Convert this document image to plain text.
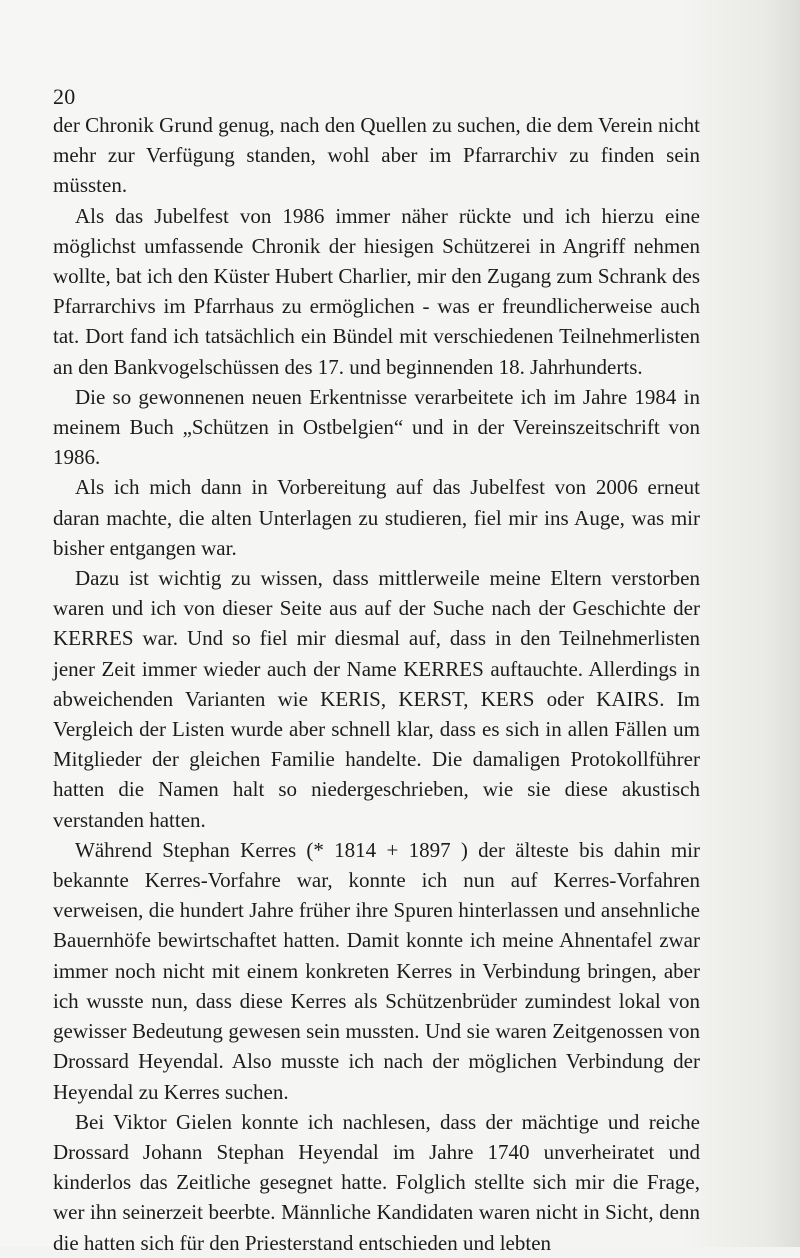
20

der Chronik Grund genug, nach den Quellen zu suchen, die dem Verein nicht mehr zur Verfügung standen, wohl aber im Pfarrarchiv zu finden sein müssten.

Als das Jubelfest von 1986 immer näher rückte und ich hierzu eine möglichst umfassende Chronik der hiesigen Schützerei in Angriff nehmen wollte, bat ich den Küster Hubert Charlier, mir den Zugang zum Schrank des Pfarrarchivs im Pfarrhaus zu ermöglichen - was er freundlicherweise auch tat. Dort fand ich tatsächlich ein Bündel mit verschiedenen Teilnehmerlisten an den Bankvogelschüssen des 17. und beginnenden 18. Jahrhunderts.

Die so gewonnenen neuen Erkentnisse verarbeitete ich im Jahre 1984 in meinem Buch „Schützen in Ostbelgien“ und in der Vereinszeitschrift von 1986.

Als ich mich dann in Vorbereitung auf das Jubelfest von 2006 erneut daran machte, die alten Unterlagen zu studieren, fiel mir ins Auge, was mir bisher entgangen war.

Dazu ist wichtig zu wissen, dass mittlerweile meine Eltern verstorben waren und ich von dieser Seite aus auf der Suche nach der Geschichte der KERRES war. Und so fiel mir diesmal auf, dass in den Teilnehmerlisten jener Zeit immer wieder auch der Name KERRES auftauchte. Allerdings in abweichenden Varianten wie KERIS, KERST, KERS oder KAIRS. Im Vergleich der Listen wurde aber schnell klar, dass es sich in allen Fällen um Mitglieder der gleichen Familie handelte. Die damaligen Protokollführer hatten die Namen halt so niedergeschrieben, wie sie diese akustisch verstanden hatten.

Während Stephan Kerres (* 1814 + 1897 ) der älteste bis dahin mir bekannte Kerres-Vorfahre war, konnte ich nun auf Kerres-Vorfahren verweisen, die hundert Jahre früher ihre Spuren hinterlassen und ansehnliche Bauernhöfe bewirtschaftet hatten. Damit konnte ich meine Ahnentafel zwar immer noch nicht mit einem konkreten Kerres in Verbindung bringen, aber ich wusste nun, dass diese Kerres als Schützenbrüder zumindest lokal von gewisser Bedeutung gewesen sein mussten. Und sie waren Zeitgenossen von Drossard Heyendal. Also musste ich nach der möglichen Verbindung der Heyendal zu Kerres suchen.

Bei Viktor Gielen konnte ich nachlesen, dass der mächtige und reiche Drossard Johann Stephan Heyendal im Jahre 1740 unverheiratet und kinderlos das Zeitliche gesegnet hatte. Folglich stellte sich mir die Frage, wer ihn seinerzeit beerbte. Männliche Kandidaten waren nicht in Sicht, denn die hatten sich für den Priesterstand entschieden und lebten
